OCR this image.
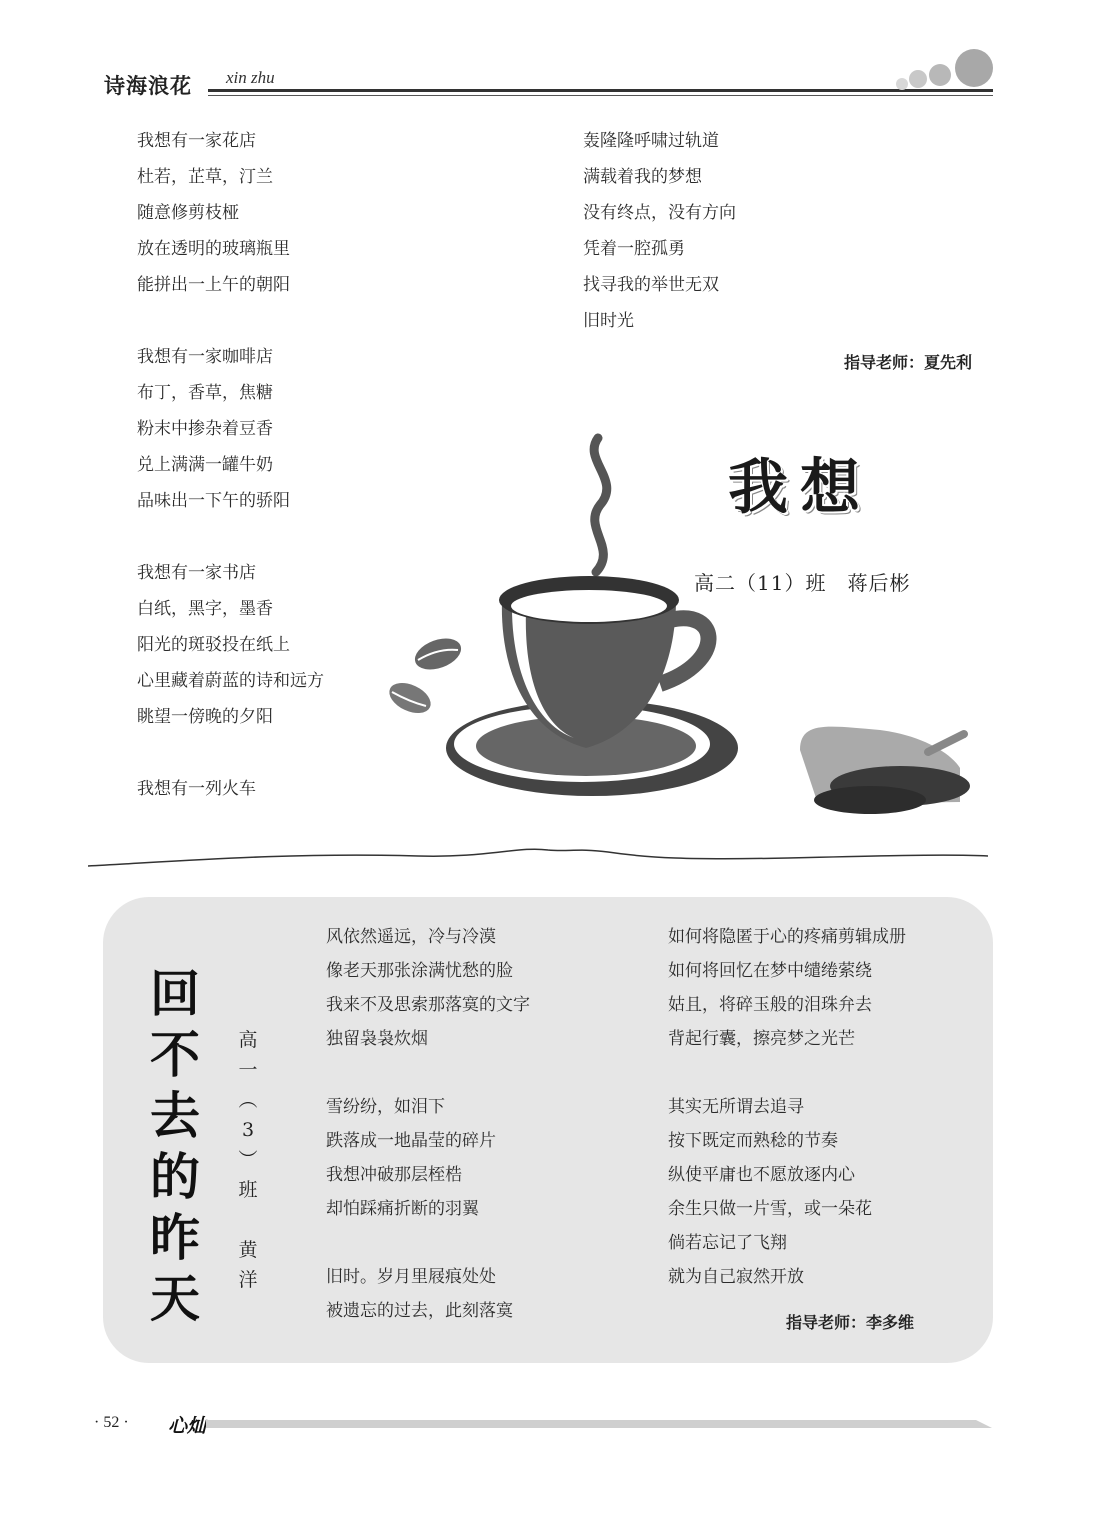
诗海浪花 xin zhu
我想有一家花店
杜若，芷草，汀兰
随意修剪枝桠
放在透明的玻璃瓶里
能拼出一上午的朝阳
我想有一家咖啡店
布丁，香草，焦糖
粉末中掺杂着豆香
兑上满满一罐牛奶
品味出一下午的骄阳
我想有一家书店
白纸，黑字，墨香
阳光的斑驳投在纸上
心里藏着蔚蓝的诗和远方
眺望一傍晚的夕阳
我想有一列火车
轰隆隆呼啸过轨道
满载着我的梦想
没有终点，没有方向
凭着一腔孤勇
找寻我的举世无双
旧时光
指导老师：夏先利
我想
高二（11）班　蒋后彬
回
不
去
的
昨
天
高
一
︵
3
︶
班

黄
洋
风依然遥远，冷与冷漠
像老天那张涂满忧愁的脸
我来不及思索那落寞的文字
独留袅袅炊烟
雪纷纷，如泪下
跌落成一地晶莹的碎片
我想冲破那层桎梏
却怕踩痛折断的羽翼
旧时。岁月里屐痕处处
被遗忘的过去，此刻落寞
如何将隐匿于心的疼痛剪辑成册
如何将回忆在梦中缱绻萦绕
姑且，将碎玉般的泪珠弁去
背起行囊，擦亮梦之光芒
其实无所谓去追寻
按下既定而熟稔的节奏
纵使平庸也不愿放逐内心
余生只做一片雪，或一朵花
倘若忘记了飞翔
就为自己寂然开放
指导老师：李多维
· 52 · 心灿
